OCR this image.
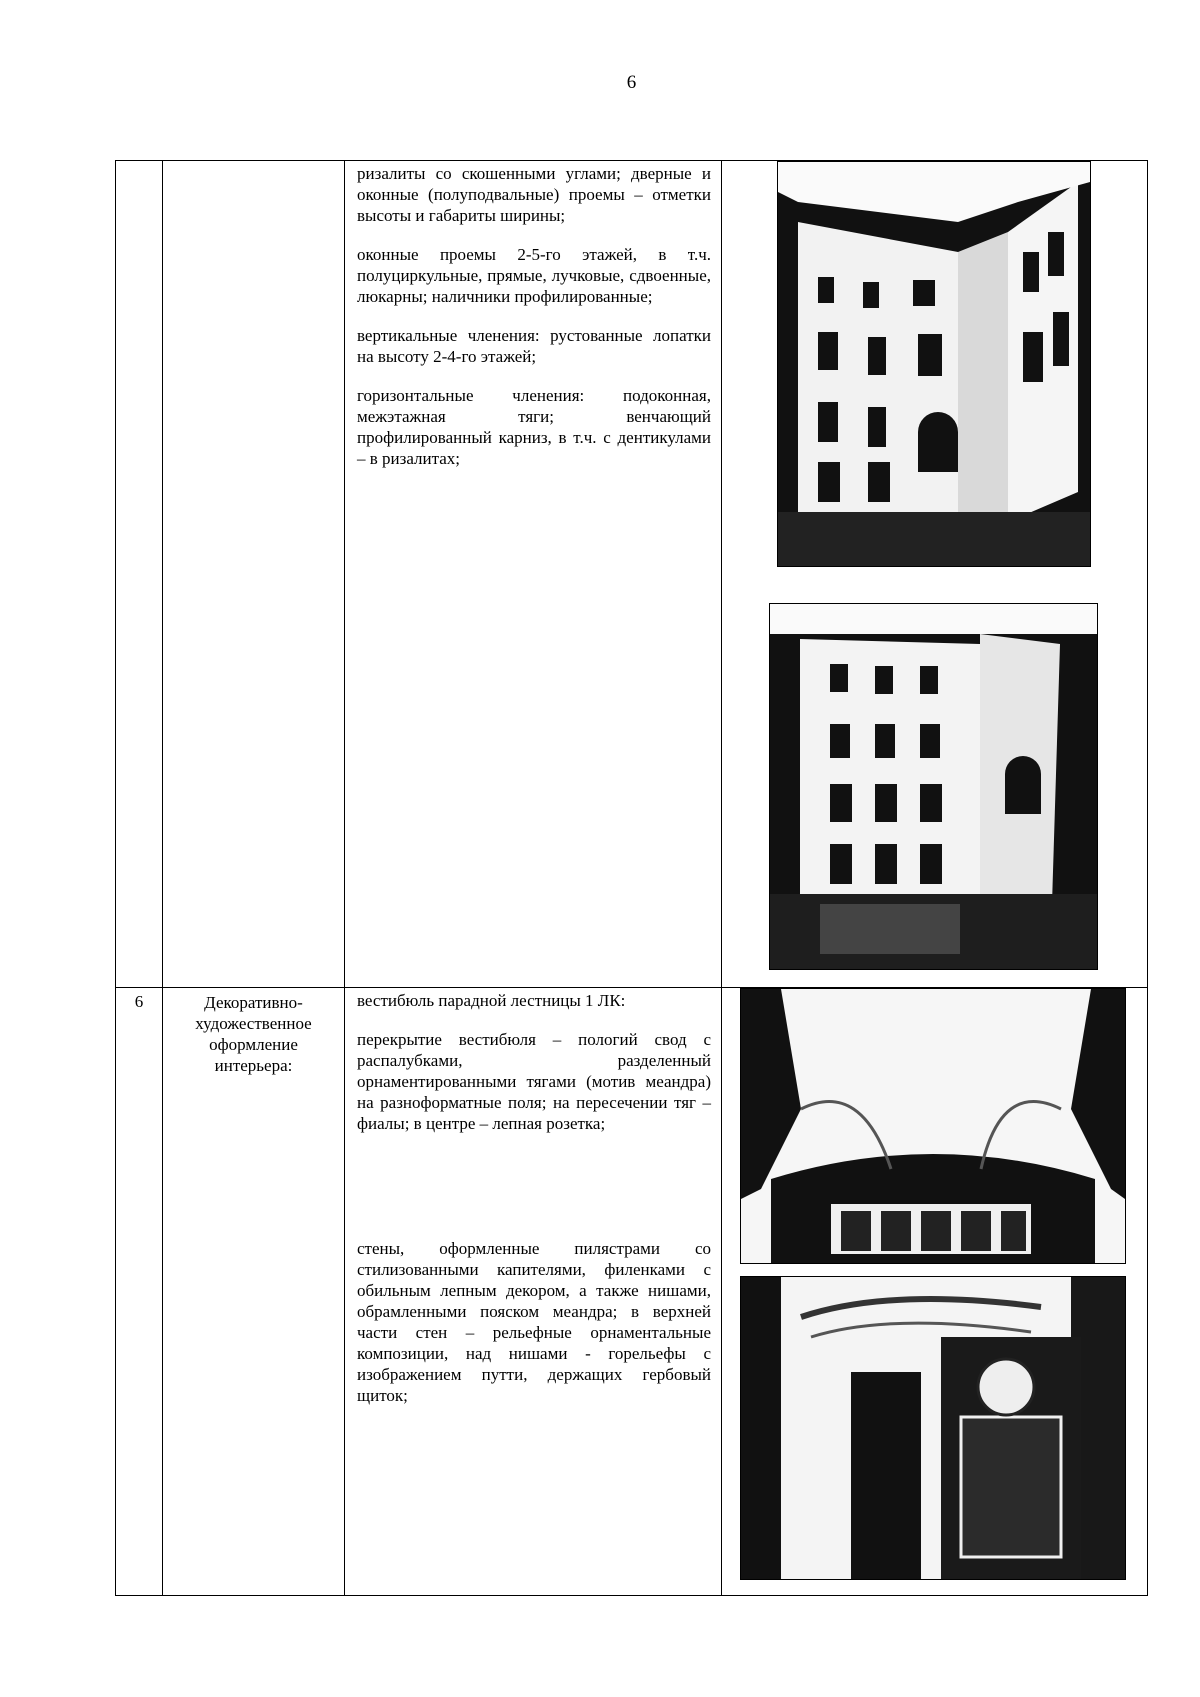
6

		ризалиты со скошенными углами; дверные и оконные (полуподвальные) проемы – отметки высоты и габариты ширины;

оконные проемы 2-5-го этажей, в т.ч. полуциркульные, прямые, лучковые, сдвоенные, люкарны; наличники профилированные;

вертикальные членения: рустованные лопатки на высоту 2-4-го этажей;

горизонтальные членения: подоконная, межэтажная тяги; венчающий профилированный карниз, в т.ч. с дентикулами – в ризалитах;

6	Декоративно-художественное оформление интерьера:	вестибюль парадной лестницы 1 ЛК:

перекрытие вестибюля – пологий свод с распалубками, разделенный орнаментированными тягами (мотив меандра) на разноформатные поля; на пересечении тяг – фиалы; в центре – лепная розетка;

стены, оформленные пилястрами со стилизованными капителями, филенками с обильным лепным декором, а также нишами, обрамленными пояском меандра; в верхней части стен – рельефные орнаментальные композиции, над нишами - горельефы с изображением путти, держащих гербовый щиток;
